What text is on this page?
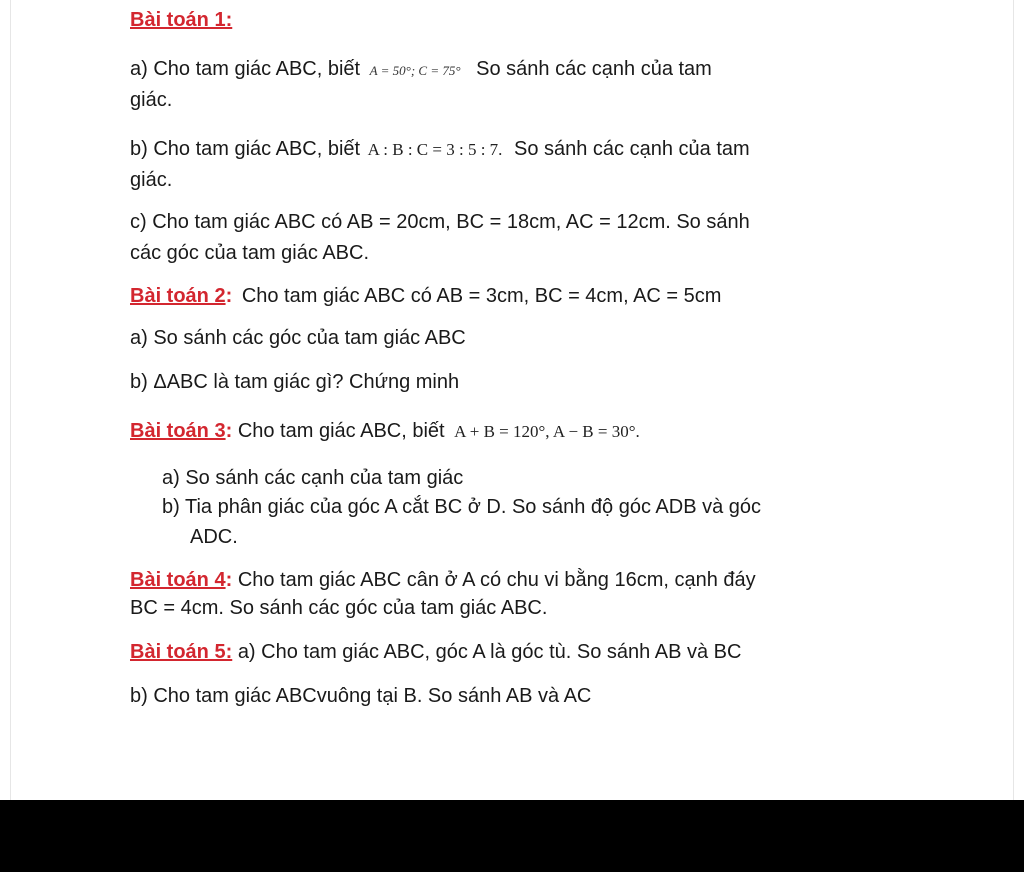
Bài toán 1:
a) Cho tam giác ABC, biết A = 50°; C = 75° So sánh các cạnh của tam
giác.
b) Cho tam giác ABC, biết A : B : C = 3 : 5 : 7. So sánh các cạnh của tam
giác.
c) Cho tam giác ABC có AB = 20cm, BC = 18cm, AC = 12cm. So sánh
các góc của tam giác ABC.
Bài toán 2: Cho tam giác ABC có AB = 3cm, BC = 4cm, AC = 5cm
a) So sánh các góc của tam giác ABC
b) ΔABC là tam giác gì? Chứng minh
Bài toán 3: Cho tam giác ABC, biết A + B = 120°, A − B = 30°.
a) So sánh các cạnh của tam giác
b) Tia phân giác của góc A cắt BC ở D. So sánh độ góc ADB và góc
ADC.
Bài toán 4: Cho tam giác ABC cân ở A có chu vi bằng 16cm, cạnh đáy
BC = 4cm. So sánh các góc của tam giác ABC.
Bài toán 5: a) Cho tam giác ABC, góc A là góc tù. So sánh AB và BC
b) Cho tam giác ABCvuông tại B. So sánh AB và AC
